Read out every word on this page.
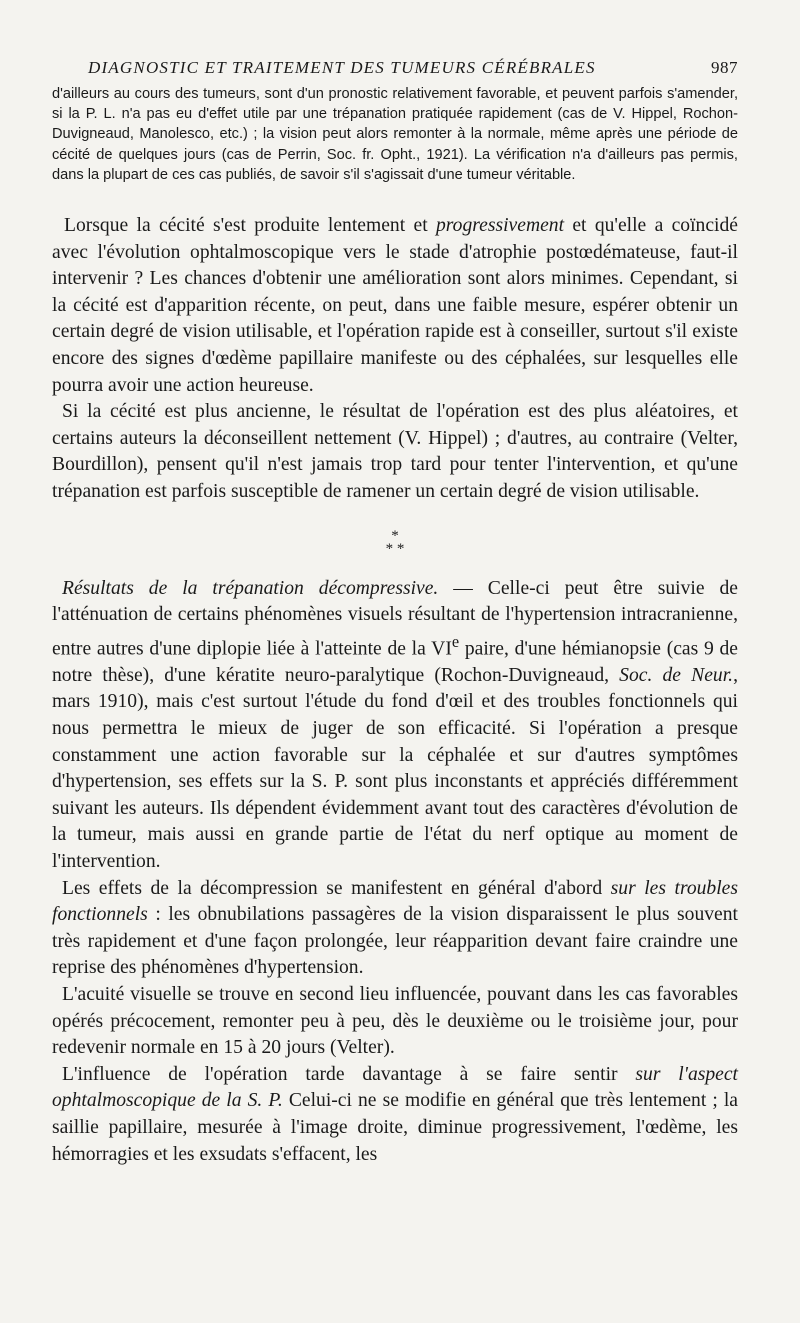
DIAGNOSTIC ET TRAITEMENT DES TUMEURS CÉRÉBRALES	987

d'ailleurs au cours des tumeurs, sont d'un pronostic relativement favorable, et peuvent parfois s'amender, si la P. L. n'a pas eu d'effet utile par une trépanation pratiquée rapidement (cas de V. Hippel, Rochon-Duvigneaud, Manolesco, etc.) ; la vision peut alors remonter à la normale, même après une période de cécité de quelques jours (cas de Perrin, Soc. fr. Opht., 1921). La vérification n'a d'ailleurs pas permis, dans la plupart de ces cas publiés, de savoir s'il s'agissait d'une tumeur véritable.

Lorsque la cécité s'est produite lentement et progressivement et qu'elle a coïncidé avec l'évolution ophtalmoscopique vers le stade d'atrophie postœdémateuse, faut-il intervenir ? Les chances d'obtenir une amélioration sont alors minimes. Cependant, si la cécité est d'apparition récente, on peut, dans une faible mesure, espérer obtenir un certain degré de vision utilisable, et l'opération rapide est à conseiller, surtout s'il existe encore des signes d'œdème papillaire manifeste ou des céphalées, sur lesquelles elle pourra avoir une action heureuse.

Si la cécité est plus ancienne, le résultat de l'opération est des plus aléatoires, et certains auteurs la déconseillent nettement (V. Hippel) ; d'autres, au contraire (Velter, Bourdillon), pensent qu'il n'est jamais trop tard pour tenter l'intervention, et qu'une trépanation est parfois susceptible de ramener un certain degré de vision utilisable.

*
* *

Résultats de la trépanation décompressive. — Celle-ci peut être suivie de l'atténuation de certains phénomènes visuels résultant de l'hypertension intracranienne, entre autres d'une diplopie liée à l'atteinte de la VIe paire, d'une hémianopsie (cas 9 de notre thèse), d'une kératite neuro-paralytique (Rochon-Duvigneaud, Soc. de Neur., mars 1910), mais c'est surtout l'étude du fond d'œil et des troubles fonctionnels qui nous permettra le mieux de juger de son efficacité. Si l'opération a presque constamment une action favorable sur la céphalée et sur d'autres symptômes d'hypertension, ses effets sur la S. P. sont plus inconstants et appréciés différemment suivant les auteurs. Ils dépendent évidemment avant tout des caractères d'évolution de la tumeur, mais aussi en grande partie de l'état du nerf optique au moment de l'intervention.

Les effets de la décompression se manifestent en général d'abord sur les troubles fonctionnels : les obnubilations passagères de la vision disparaissent le plus souvent très rapidement et d'une façon prolongée, leur réapparition devant faire craindre une reprise des phénomènes d'hypertension.

L'acuité visuelle se trouve en second lieu influencée, pouvant dans les cas favorables opérés précocement, remonter peu à peu, dès le deuxième ou le troisième jour, pour redevenir normale en 15 à 20 jours (Velter).

L'influence de l'opération tarde davantage à se faire sentir sur l'aspect ophtalmoscopique de la S. P. Celui-ci ne se modifie en général que très lentement ; la saillie papillaire, mesurée à l'image droite, diminue progressivement, l'œdème, les hémorragies et les exsudats s'effacent, les
